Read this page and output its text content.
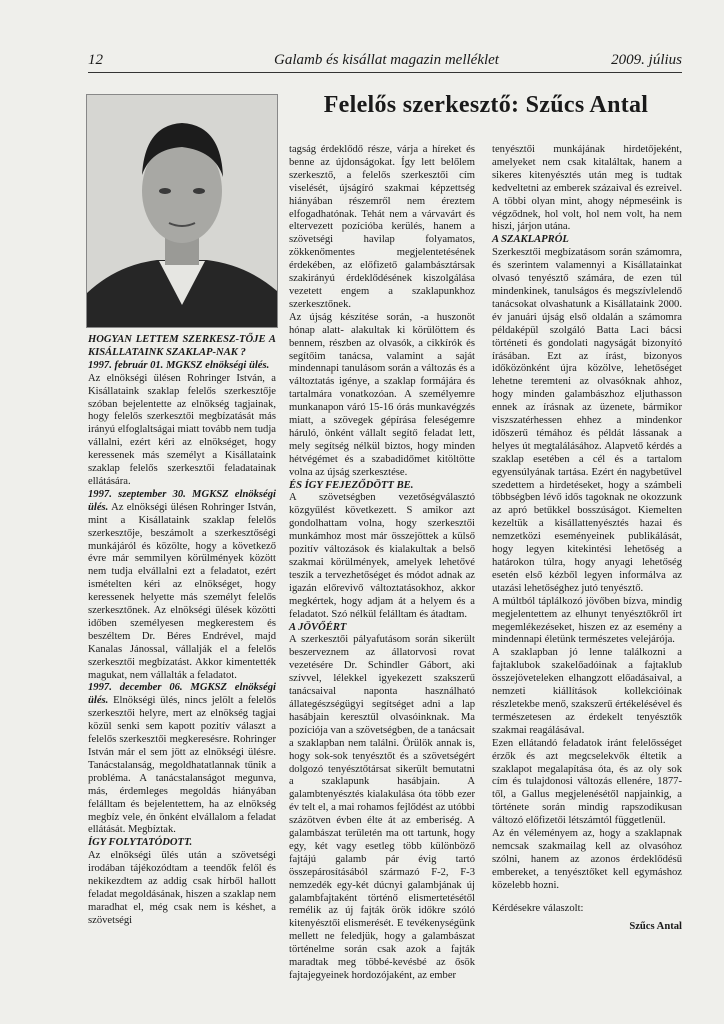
12	Galamb és kisállat magazin melléklet	2009. július
Felelős szerkesztő: Szűcs Antal

HOGYAN LETTEM SZERKESZ-TŐJE A KISÁLLATAINK SZAKLAP-NAK ?

1997. február 01. MGKSZ elnökségi ülés.

Az elnökségi ülésen Rohringer István, a Kisállataink szaklap felelős szerkesztője szóban bejelentette az elnökség tagjainak, hogy felelős szerkesztői megbízatását más irányú elfoglaltságai miatt tovább nem tudja vállalni, ezért kéri az elnökséget, hogy keressenek más személyt a Kisállataink szaklap felelős szerkesztői feladatainak ellátására.

1997. szeptember 30. MGKSZ elnökségi ülés. Az elnökségi ülésen Rohringer István, mint a Kisállataink szaklap felelős szerkesztője, beszámolt a szerkesztőségi munkájáról és közölte, hogy a következő évre már semmilyen körülmények között nem tudja elvállalni ezt a feladatot, ezért ismételten kéri az elnökséget, hogy keressenek helyette más személyt felelős szerkesztőnek. Az elnökségi ülések közötti időben személyesen megkerestem és beszéltem Dr. Béres Endrével, majd Kanalas Jánossal, vállalják el a felelős szerkesztői megbízatást. Akkor kimentették magukat, nem vállalták a feladatot.

1997. december 06. MGKSZ elnökségi ülés. Elnökségi ülés, nincs jelölt a felelős szerkesztői helyre, mert az elnökség tagjai közül senki sem kapott pozitív választ a felelős szerkesztői megkeresésre. Rohringer István már el sem jött az elnökségi ülésre. Tanácstalanság, megoldhatatlannak tűnik a probléma. A tanácstalanságot megunva, más, érdemleges megoldás hiányában felálltam és bejelentettem, ha az elnökség megbíz vele, én önként elvállalom a feladat ellátását. Megbíztak.

ÍGY FOLYTATÓDOTT.

Az elnökségi ülés után a szövetségi irodában tájékozódtam a teendők felől és nekikezdtem az addig csak hírből hallott feladat megoldásának, hiszen a szaklap nem maradhat el, még csak nem is késhet, a szövetségi

tagság érdeklődő része, várja a híreket és benne az újdonságokat. Így lett belőlem szerkesztő, a felelős szerkesztői cím viselését, újságíró szakmai képzettség hiányában részemről nem éreztem elfogadhatónak. Tehát nem a várvavárt és eltervezett pozícióba kerülés, hanem a szövetségi havilap folyamatos, zökkenőmentes megjelentetésének érdekében, az előfizető galambásztársak szakirányú érdeklődésének kiszolgálása vezetett engem a szaklapunkhoz szerkesztőnek.

Az újság készítése során, -a huszonöt hónap alatt- alakultak ki körülöttem és bennem, részben az olvasók, a cikkírók és segítőim tanácsa, valamint a saját mindennapi tanulásom során a változás és a változtatás igénye, a szaklap formájára és tartalmára vonatkozóan. A személyemre munkanapon váró 15-16 órás munkavégzés miatt, a szövegek gépírása feleségemre háruló, önként vállalt segítő feladat lett, mely segítség nélkül biztos, hogy minden hétvégémet és a szabadidőmet kitöltötte volna az újság szerkesztése.

ÉS ÍGY FEJEZŐDÖTT BE.

A szövetségben vezetőségválasztó közgyűlést következett. S amikor azt gondolhattam volna, hogy szerkesztői munkámhoz most már összejöttek a külső pozitív változások és kialakultak a belső szakmai körülmények, amelyek lehetővé teszik a tervezhetőséget és módot adnak az igazán előrevivő változtatásokhoz, akkor megkértek, hogy adjam át a helyem és a feladatot. Szó nélkül felálltam és átadtam.

A JÖVŐÉRT

A szerkesztői pályafutásom során sikerült beszerveznem az állatorvosi rovat vezetésére Dr. Schindler Gábort, aki szívvel, lélekkel igyekezett szakszerű tanácsaival naponta használható állategészségügyi segítséget adni a lap hasábjain keresztül olvasóinknak. Ma pozíciója van a szövetségben, de a tanácsait a szaklapban nem találni. Örülök annak is, hogy sok-sok tenyésztőt és a szövetségért dolgozó tenyésztőtársat sikerült bemutatni a szaklapunk hasábjain. A galambtenyésztés kialakulása óta több ezer év telt el, a mai rohamos fejlődést az utóbbi százötven évben élte át az emberiség. A galambászat területén ma ott tartunk, hogy egy, két vagy esetleg több különböző fajtájú galamb pár évig tartó összepárosításából származó F-2, F-3 nemzedék egy-két dúcnyi galambjának új galambfajtaként történő elismertetésétől remélik az új fajták örök időkre szóló kitenyésztői elismerését. E tevékenységünk mellett ne feledjük, hogy a galambászat történelme során csak azok a fajták maradtak meg többé-kevésbé az ősök fajtajegyeinek hordozójaként, az ember

tenyésztői munkájának hirdetőjeként, amelyeket nem csak kitaláltak, hanem a sikeres kitenyésztés után meg is tudtak kedveltetni az emberek százaival és ezreivel. A többi olyan mint, ahogy népmeséink is végződnek, hol volt, hol nem volt, ha nem hiszi, járjon utána.

A SZAKLAPRÓL

Szerkesztői megbízatásom során számomra, és szerintem valamennyi a Kisállatainkat olvasó tenyésztő számára, de ezen túl mindenkinek, tanulságos és megszívlelendő tanácsokat olvashatunk a Kisállataink 2000. év januári újság első oldalán a számomra példaképül szolgáló Batta Laci bácsi történeti és gondolati nagyságát bizonyító írásában. Ezt az írást, bizonyos időközönként újra közölve, lehetőséget lehetne teremteni az olvasóknak ahhoz, hogy minden galambászhoz eljuthasson ennek az írásnak az üzenete, bármikor viszszatérhessen ehhez a mindenkor időszerű témához és példát lássanak a helyes út megtalálásához. Alapvető kérdés a szaklap esetében a cél és a tartalom egyensúlyának tartása. Ezért én nagybetűvel szedettem a hirdetéseket, hogy a számbeli többségben lévő idős tagoknak ne okozzunk az apró betűkkel bosszúságot. Kiemelten kezeltük a kisállattenyésztés hazai és nemzetközi eseményeinek publikálását, hogy legyen kitekintési lehetőség a határokon túlra, hogy anyagi lehetőség esetén első kézből legyen informálva az utazási lehetőséghez jutó tenyésztő.

A múltból táplálkozó jövőben bízva, mindig megjelentettem az elhunyt tenyésztőkről írt megemlékezéseket, hiszen ez az esemény a mindennapi életünk természetes velejárója.

A szaklapban jó lenne találkozni a fajtaklubok szakelőadóinak a fajtaklub összejöveteleken elhangzott előadásaival, a nemzeti kiállítások kollekcióinak részletekbe menő, szakszerű értékelésével és természetesen az érdekelt tenyésztők szakmai reagálásával.

Ezen ellátandó feladatok iránt felelősséget érzők és azt megcselekvők éltetik a szaklapot megalapítása óta, és az oly sok cím és tulajdonosi változás ellenére, 1877-től, a Gallus megjelenésétől napjainkig, a története során mindig rapszodikusan változó előfizetői létszámtól függetlenül.

Az én véleményem az, hogy a szaklapnak nemcsak szakmailag kell az olvasóhoz szólni, hanem az azonos érdeklődésű embereket, a tenyésztőket kell egymáshoz közelebb hozni.

Kérdésekre válaszolt:

Szűcs Antal
